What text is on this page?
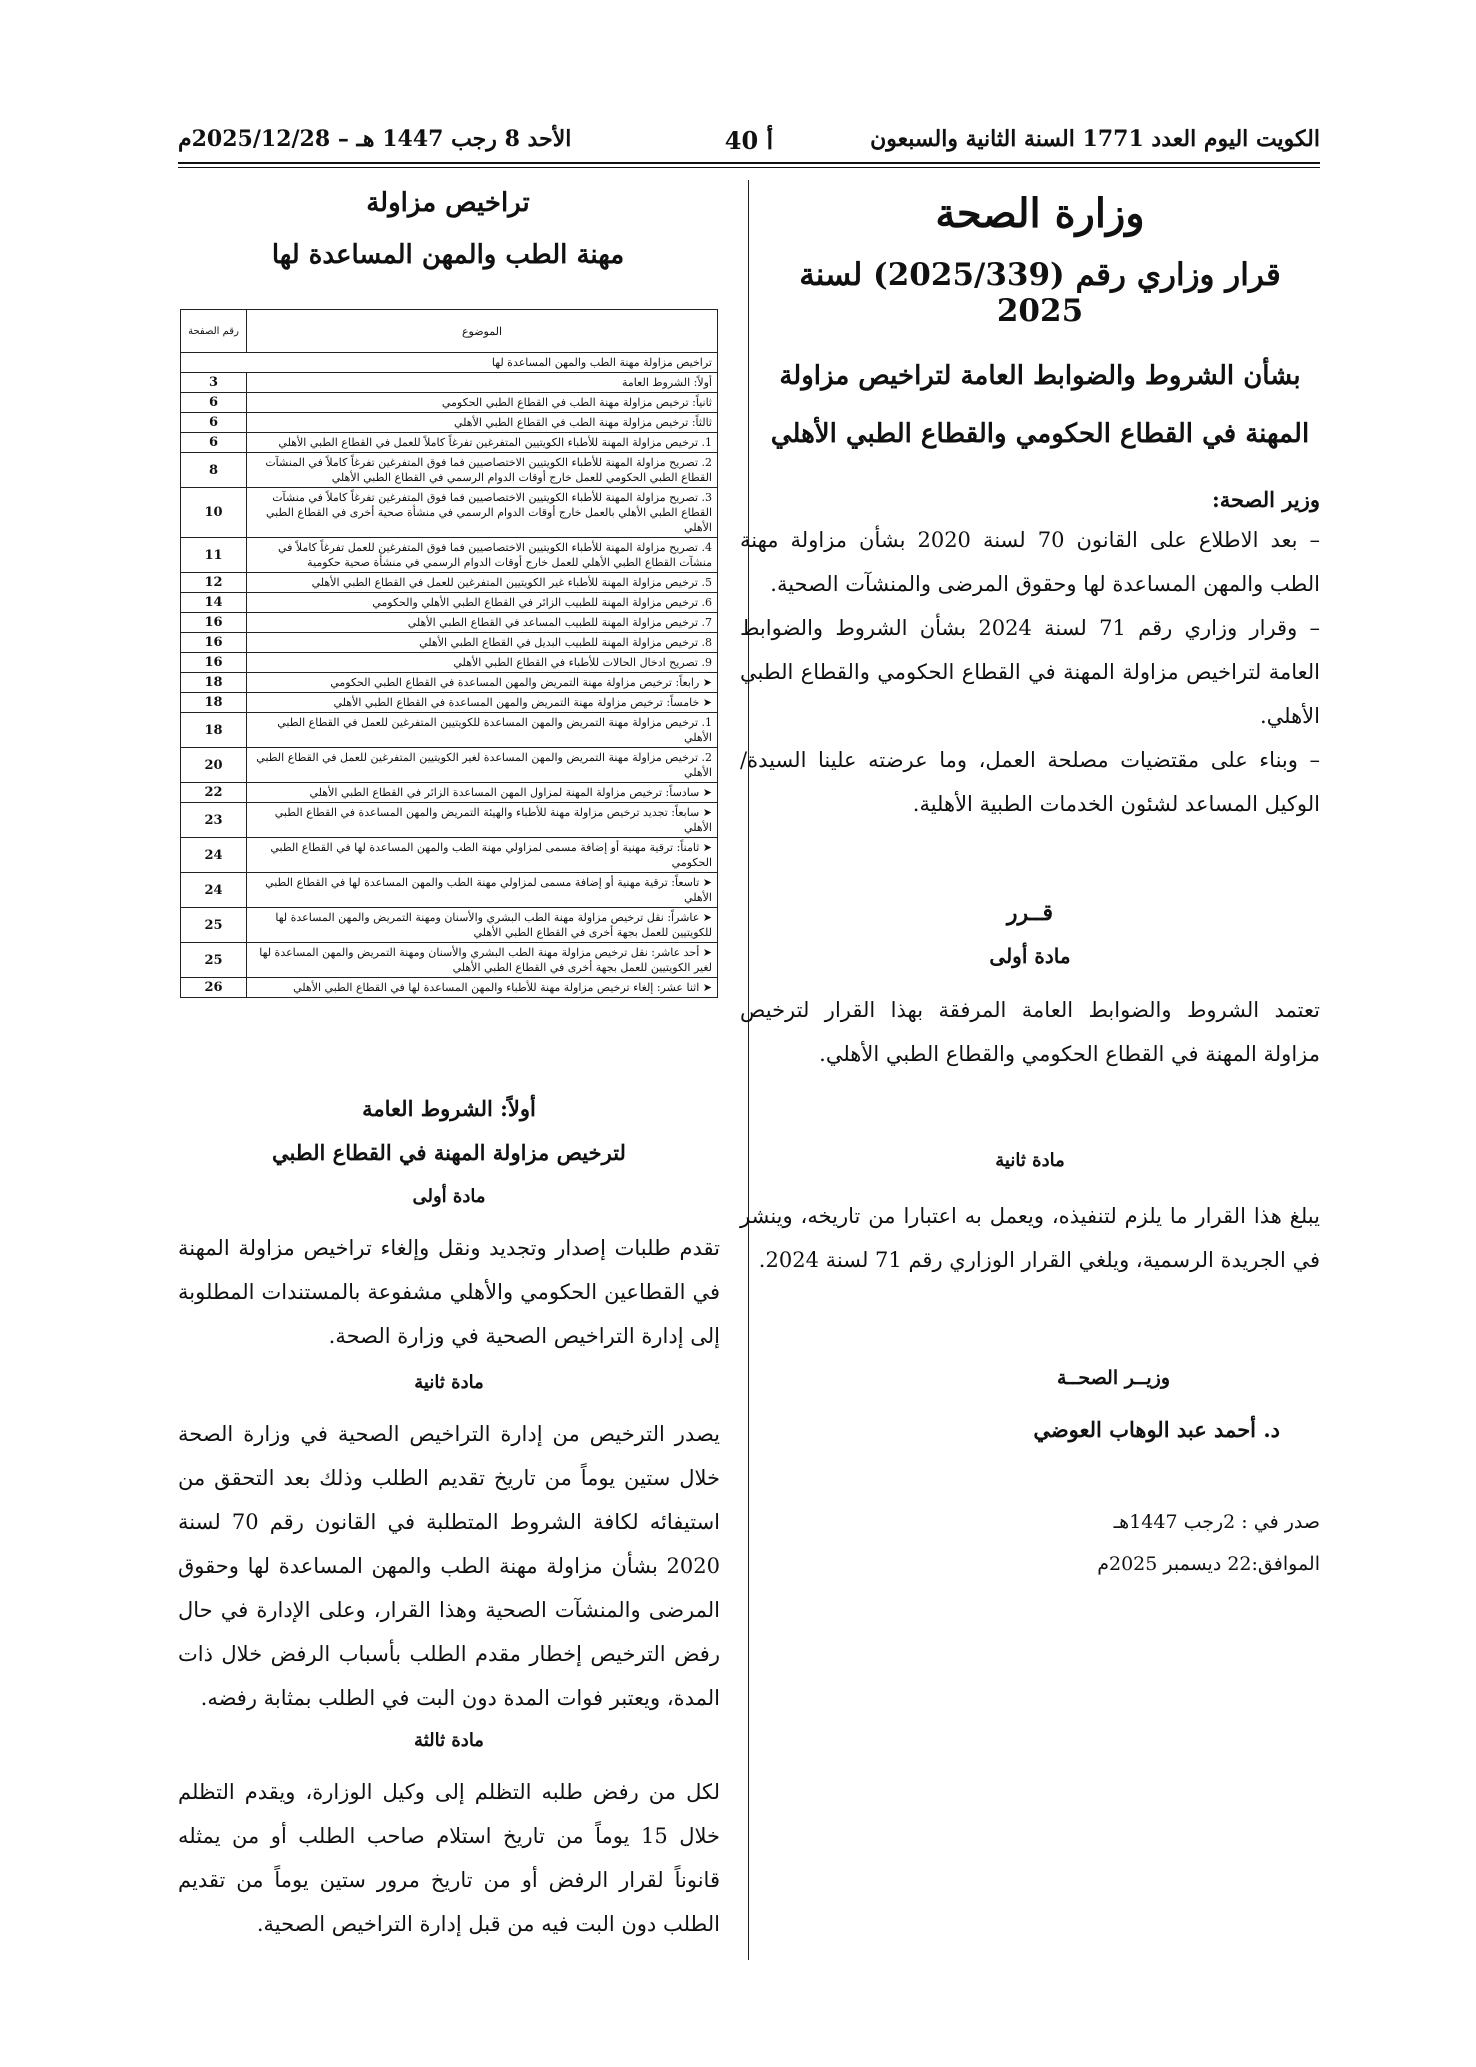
الكويت اليوم العدد 1771 السنة الثانية والسبعون
أ 40
الأحد 8 رجب 1447 هـ – 2025/12/28م
وزارة الصحة
قرار وزاري رقم (2025/339) لسنة 2025
بشأن الشروط والضوابط العامة لتراخيص مزاولة
المهنة في القطاع الحكومي والقطاع الطبي الأهلي
وزير الصحة:

– بعد الاطلاع على القانون 70 لسنة 2020 بشأن مزاولة مهنة الطب والمهن المساعدة لها وحقوق المرضى والمنشآت الصحية.

– وقرار وزاري رقم 71 لسنة 2024 بشأن الشروط والضوابط العامة لتراخيص مزاولة المهنة في القطاع الحكومي والقطاع الطبي الأهلي.

– وبناء على مقتضيات مصلحة العمل، وما عرضته علينا السيدة/ الوكيل المساعد لشئون الخدمات الطبية الأهلية.

قــرر
مادة أولى

تعتمد الشروط والضوابط العامة المرفقة بهذا القرار لترخيص مزاولة المهنة في القطاع الحكومي والقطاع الطبي الأهلي.

مادة ثانية

يبلغ هذا القرار ما يلزم لتنفيذه، ويعمل به اعتبارا من تاريخه، وينشر في الجريدة الرسمية، ويلغي القرار الوزاري رقم 71 لسنة 2024.

وزيــر الصحــة
د. أحمد عبد الوهاب العوضي
صدر في : 2رجب 1447هـ
الموافق:22 ديسمبر 2025م
تراخيص مزاولة
مهنة الطب والمهن المساعدة لها
الموضوع	رقم الصفحة
تراخيص مزاولة مهنة الطب والمهن المساعدة لها	
أولاً: الشروط العامة	3
ثانياً: ترخيص مزاولة مهنة الطب في القطاع الطبي الحكومي	6
ثالثاً: ترخيص مزاولة مهنة الطب في القطاع الطبي الأهلي	6
1. ترخيص مزاولة المهنة للأطباء الكويتيين المتفرغين تفرغاً كاملاً للعمل في القطاع الطبي الأهلي	6
2. تصريح مزاولة المهنة للأطباء الكويتيين الاختصاصيين فما فوق المتفرغين تفرغاً كاملاً في المنشآت القطاع الطبي الحكومي للعمل خارج أوقات الدوام الرسمي في القطاع الطبي الأهلي	8
3. تصريح مزاولة المهنة للأطباء الكويتيين الاختصاصيين فما فوق المتفرغين تفرغاً كاملاً في منشآت القطاع الطبي الأهلي بالعمل خارج أوقات الدوام الرسمي في منشأة صحية أخرى في القطاع الطبي الأهلي	10
4. تصريح مزاولة المهنة للأطباء الكويتيين الاختصاصيين فما فوق المتفرغين للعمل تفرغاً كاملاً في منشآت القطاع الطبي الأهلي للعمل خارج أوقات الدوام الرسمي في منشأة صحية حكومية	11
5. ترخيص مزاولة المهنة للأطباء غير الكويتيين المتفرغين للعمل في القطاع الطبي الأهلي	12
6. ترخيص مزاولة المهنة للطبيب الزائر في القطاع الطبي الأهلي والحكومي	14
7. ترخيص مزاولة المهنة للطبيب المساعد في القطاع الطبي الأهلي	16
8. ترخيص مزاولة المهنة للطبيب البديل في القطاع الطبي الأهلي	16
9. تصريح ادخال الحالات للأطباء في القطاع الطبي الأهلي	16
➤ رابعاً: ترخيص مزاولة مهنة التمريض والمهن المساعدة في القطاع الطبي الحكومي	18
➤ خامساً: ترخيص مزاولة مهنة التمريض والمهن المساعدة في القطاع الطبي الأهلي	18
1. ترخيص مزاولة مهنة التمريض والمهن المساعدة للكويتيين المتفرغين للعمل في القطاع الطبي الأهلي	18
2. ترخيص مزاولة مهنة التمريض والمهن المساعدة لغير الكويتيين المتفرغين للعمل في القطاع الطبي الأهلي	20
➤ سادساً: ترخيص مزاولة المهنة لمزاول المهن المساعدة الزائر في القطاع الطبي الأهلي	22
➤ سابعاً: تجديد ترخيص مزاولة مهنة للأطباء والهيئة التمريض والمهن المساعدة في القطاع الطبي الأهلي	23
➤ ثامناً: ترقية مهنية أو إضافة مسمى لمزاولي مهنة الطب والمهن المساعدة لها في القطاع الطبي الحكومي	24
➤ تاسعاً: ترقية مهنية أو إضافة مسمى لمزاولي مهنة الطب والمهن المساعدة لها في القطاع الطبي الأهلي	24
➤ عاشراً: نقل ترخيص مزاولة مهنة الطب البشري والأسنان ومهنة التمريض والمهن المساعدة لها للكويتيين للعمل بجهة أخرى في القطاع الطبي الأهلي	25
➤ أحد عاشر: نقل ترخيص مزاولة مهنة الطب البشري والأسنان ومهنة التمريض والمهن المساعدة لها لغير الكويتيين للعمل بجهة أخرى في القطاع الطبي الأهلي	25
➤ اثنا عشر: إلغاء ترخيص مزاولة مهنة للأطباء والمهن المساعدة لها في القطاع الطبي الأهلي	26
أولاً: الشروط العامة
لترخيص مزاولة المهنة في القطاع الطبي
مادة أولى

تقدم طلبات إصدار وتجديد ونقل وإلغاء تراخيص مزاولة المهنة في القطاعين الحكومي والأهلي مشفوعة بالمستندات المطلوبة إلى إدارة التراخيص الصحية في وزارة الصحة.

مادة ثانية

يصدر الترخيص من إدارة التراخيص الصحية في وزارة الصحة خلال ستين يوماً من تاريخ تقديم الطلب وذلك بعد التحقق من استيفائه لكافة الشروط المتطلبة في القانون رقم 70 لسنة 2020 بشأن مزاولة مهنة الطب والمهن المساعدة لها وحقوق المرضى والمنشآت الصحية وهذا القرار، وعلى الإدارة في حال رفض الترخيص إخطار مقدم الطلب بأسباب الرفض خلال ذات المدة، ويعتبر فوات المدة دون البت في الطلب بمثابة رفضه.

مادة ثالثة

لكل من رفض طلبه التظلم إلى وكيل الوزارة، ويقدم التظلم خلال 15 يوماً من تاريخ استلام صاحب الطلب أو من يمثله قانوناً لقرار الرفض أو من تاريخ مرور ستين يوماً من تقديم الطلب دون البت فيه من قبل إدارة التراخيص الصحية.
